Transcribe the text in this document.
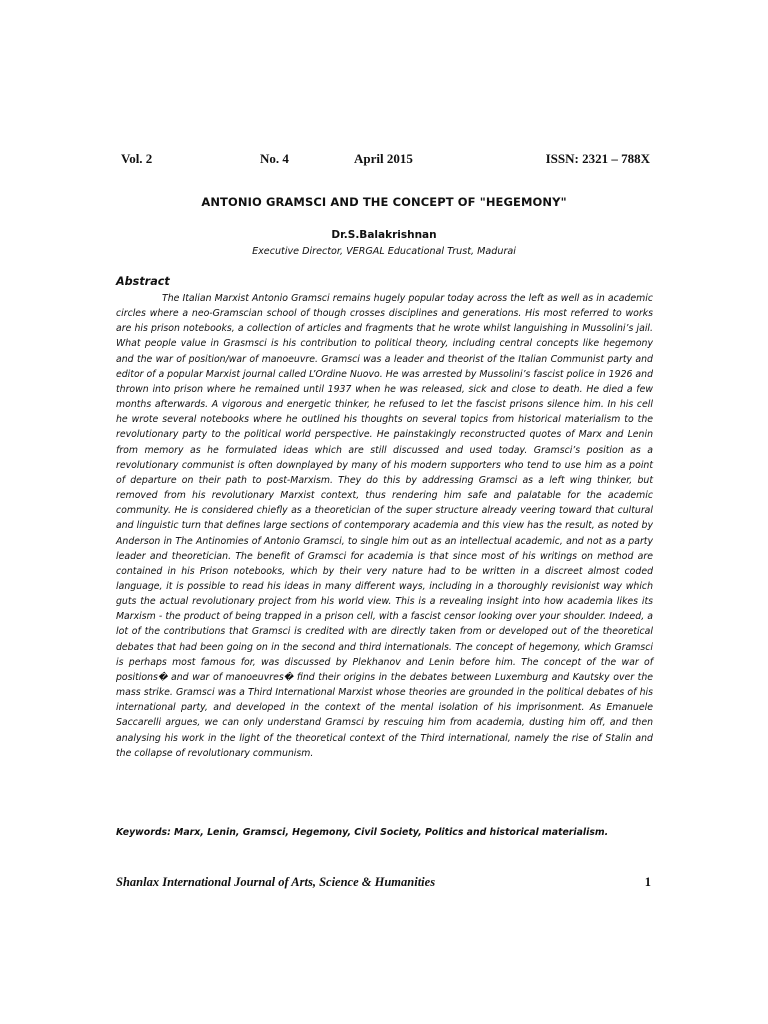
Vol. 2	No. 4	April 2015	ISSN: 2321 – 788X
ANTONIO GRAMSCI AND THE CONCEPT OF "HEGEMONY"
Dr.S.Balakrishnan
Executive Director, VERGAL Educational Trust, Madurai
Abstract

The Italian Marxist Antonio Gramsci remains hugely popular today across the left as well as in academic circles where a neo-Gramscian school of though crosses disciplines and generations. His most referred to works are his prison notebooks, a collection of articles and fragments that he wrote whilst languishing in Mussolini’s jail. What people value in Grasmsci is his contribution to political theory, including central concepts like hegemony and the war of position/war of manoeuvre. Gramsci was a leader and theorist of the Italian Communist party and editor of a popular Marxist journal called L’Ordine Nuovo. He was arrested by Mussolini’s fascist police in 1926 and thrown into prison where he remained until 1937 when he was released, sick and close to death. He died a few months afterwards. A vigorous and energetic thinker, he refused to let the fascist prisons silence him. In his cell he wrote several notebooks where he outlined his thoughts on several topics from historical materialism to the revolutionary party to the political world perspective. He painstakingly reconstructed quotes of Marx and Lenin from memory as he formulated ideas which are still discussed and used today. Gramsci’s position as a revolutionary communist is often downplayed by many of his modern supporters who tend to use him as a point of departure on their path to post-Marxism. They do this by addressing Gramsci as a left wing thinker, but removed from his revolutionary Marxist context, thus rendering him safe and palatable for the academic community. He is considered chiefly as a theoretician of the super structure already veering toward that cultural and linguistic turn that defines large sections of contemporary academia and this view has the result, as noted by Anderson in The Antinomies of Antonio Gramsci, to single him out as an intellectual academic, and not as a party leader and theoretician. The benefit of Gramsci for academia is that since most of his writings on method are contained in his Prison notebooks, which by their very nature had to be written in a discreet almost coded language, it is possible to read his ideas in many different ways, including in a thoroughly revisionist way which guts the actual revolutionary project from his world view. This is a revealing insight into how academia likes its Marxism - the product of being trapped in a prison cell, with a fascist censor looking over your shoulder. Indeed, a lot of the contributions that Gramsci is credited with are directly taken from or developed out of the theoretical debates that had been going on in the second and third internationals. The concept of hegemony, which Gramsci is perhaps most famous for, was discussed by Plekhanov and Lenin before him. The concept of the war of positions� and war of manoeuvres� find their origins in the debates between Luxemburg and Kautsky over the mass strike. Gramsci was a Third International Marxist whose theories are grounded in the political debates of his international party, and developed in the context of the mental isolation of his imprisonment. As Emanuele Saccarelli argues, we can only understand Gramsci by rescuing him from academia, dusting him off, and then analysing his work in the light of the theoretical context of the Third international, namely the rise of Stalin and the collapse of revolutionary communism.

Keywords: Marx, Lenin, Gramsci, Hegemony, Civil Society, Politics and historical materialism.

Shanlax International Journal of Arts, Science & Humanities	1
